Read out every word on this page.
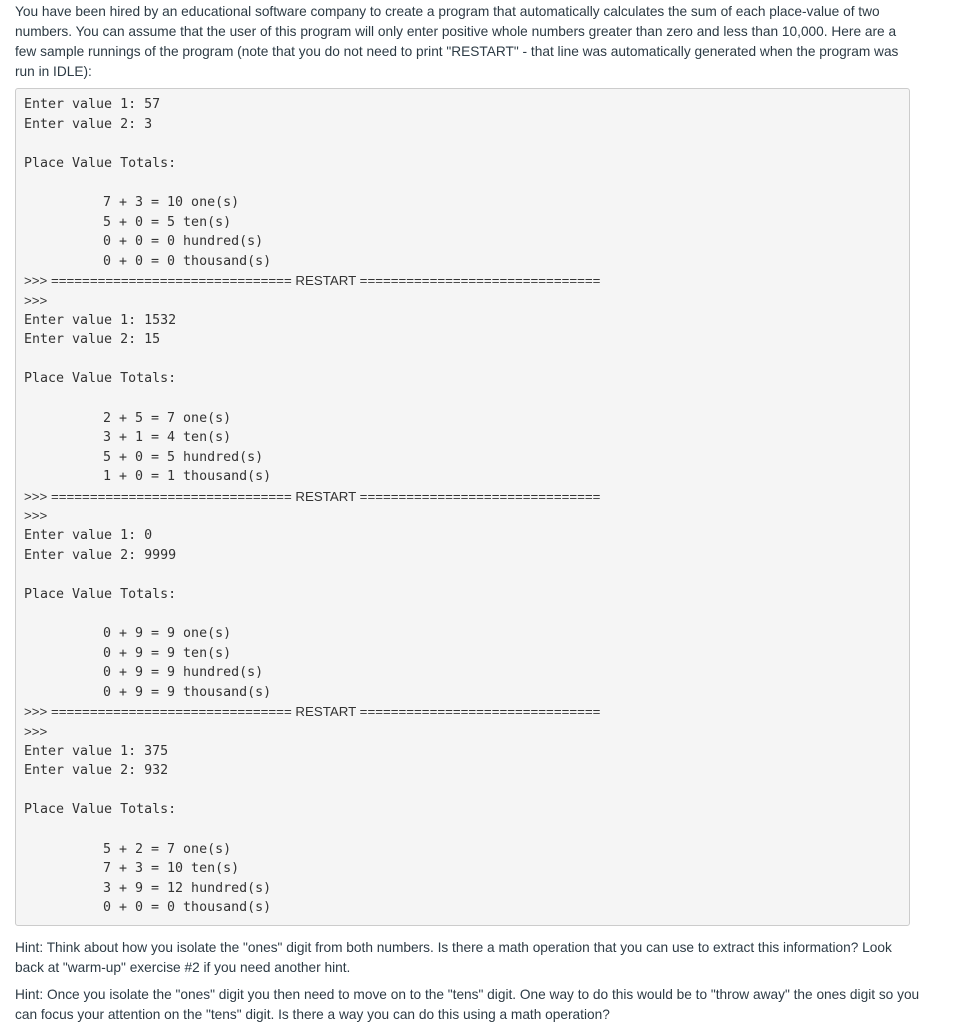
You have been hired by an educational software company to create a program that automatically calculates the sum of each place-value of two numbers. You can assume that the user of this program will only enter positive whole numbers greater than zero and less than 10,000. Here are a few sample runnings of the program (note that you do not need to print "RESTART" - that line was automatically generated when the program was run in IDLE):

Enter value 1: 57
Enter value 2: 3
Place Value Totals:
7 + 3 = 10 one(s)
5 + 0 = 5 ten(s)
0 + 0 = 0 hundred(s)
0 + 0 = 0 thousand(s)
>>> =============================== RESTART ===============================
>>>
Enter value 1: 1532
Enter value 2: 15
Place Value Totals:
2 + 5 = 7 one(s)
3 + 1 = 4 ten(s)
5 + 0 = 5 hundred(s)
1 + 0 = 1 thousand(s)
>>> =============================== RESTART ===============================
>>>
Enter value 1: 0
Enter value 2: 9999
Place Value Totals:
0 + 9 = 9 one(s)
0 + 9 = 9 ten(s)
0 + 9 = 9 hundred(s)
0 + 9 = 9 thousand(s)
>>> =============================== RESTART ===============================
>>>
Enter value 1: 375
Enter value 2: 932
Place Value Totals:
5 + 2 = 7 one(s)
7 + 3 = 10 ten(s)
3 + 9 = 12 hundred(s)
0 + 0 = 0 thousand(s)

Hint: Think about how you isolate the "ones" digit from both numbers. Is there a math operation that you can use to extract this information? Look back at "warm-up" exercise #2 if you need another hint.

Hint: Once you isolate the "ones" digit you then need to move on to the "tens" digit. One way to do this would be to "throw away" the ones digit so you can focus your attention on the "tens" digit. Is there a way you can do this using a math operation?
